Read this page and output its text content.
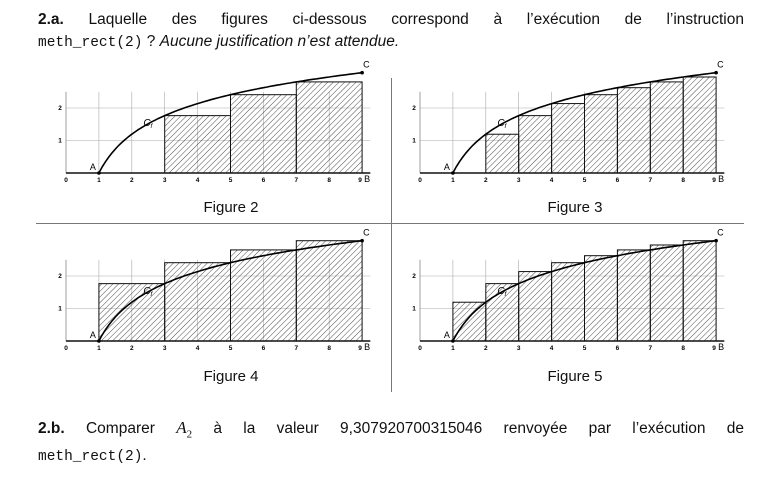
2.a. Laquelle des figures ci-dessous correspond à l’exécution de l’instruction
meth_rect(2) ? Aucune justification n’est attendue.
0	1	2	3	4	5	6	7	8	9
1
2
A
B
C
$C_f$
0	1	2	3	4	5	6	7	8	9
1
2
A
B
C
$C_f$
0	1	2	3	4	5	6	7	8	9
1
2
A
B
C
$C_f$
0	1	2	3	4	5	6	7	8	9
1
2
A
B
C
$C_f$
Figure 2	Figure 3
Figure 4	Figure 5
2.b. Comparer $A_2$ à la valeur 9,307920700315046 renvoyée par l’exécution de
meth_rect(2).
